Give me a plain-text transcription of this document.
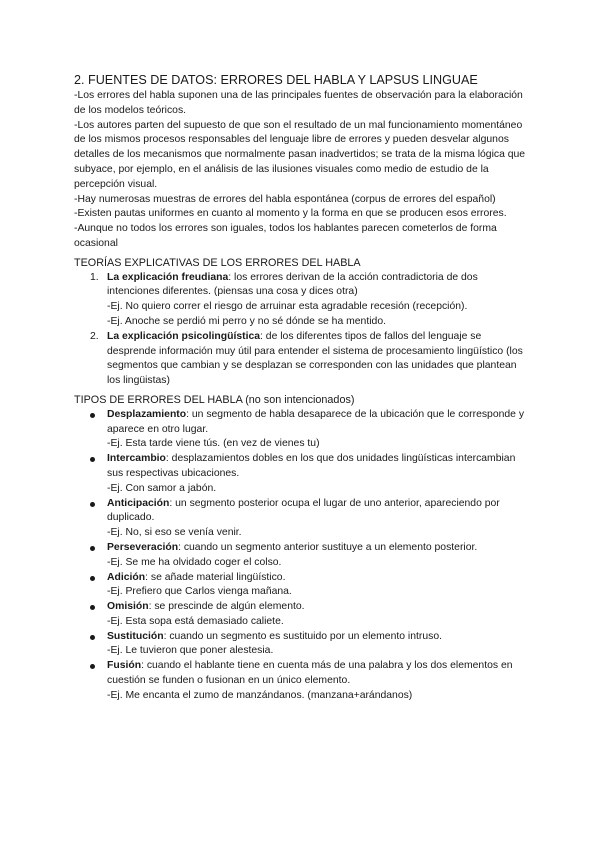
2. FUENTES DE DATOS: ERRORES DEL HABLA Y LAPSUS LINGUAE

-Los errores del habla suponen una de las principales fuentes de observación para la elaboración de los modelos teóricos.

-Los autores parten del supuesto de que son el resultado de un mal funcionamiento momentáneo de los mismos procesos responsables del lenguaje libre de errores y pueden desvelar algunos detalles de los mecanismos que normalmente pasan inadvertidos; se trata de la misma lógica que subyace, por ejemplo, en el análisis de las ilusiones visuales como medio de estudio de la percepción visual.

-Hay numerosas muestras de errores del habla espontánea (corpus de errores del español)

-Existen pautas uniformes en cuanto al momento y la forma en que se producen esos errores.

-Aunque no todos los errores son iguales, todos los hablantes parecen cometerlos de forma ocasional

TEORÍAS EXPLICATIVAS DE LOS ERRORES DEL HABLA

1. La explicación freudiana: los errores derivan de la acción contradictoria de dos intenciones diferentes. (piensas una cosa y dices otra)
-Ej. No quiero correr el riesgo de arruinar esta agradable recesión (recepción).
-Ej. Anoche se perdió mi perro y no sé dónde se ha mentido.
2. La explicación psicolingüística: de los diferentes tipos de fallos del lenguaje se desprende información muy útil para entender el sistema de procesamiento lingüístico (los segmentos que cambian y se desplazan se corresponden con las unidades que plantean los lingüistas)

TIPOS DE ERRORES DEL HABLA (no son intencionados)

Desplazamiento: un segmento de habla desaparece de la ubicación que le corresponde y aparece en otro lugar.
-Ej. Esta tarde viene tús. (en vez de vienes tu)
Intercambio: desplazamientos dobles en los que dos unidades lingüísticas intercambian sus respectivas ubicaciones.
-Ej. Con samor a jabón.
Anticipación: un segmento posterior ocupa el lugar de uno anterior, apareciendo por duplicado.
-Ej. No, si eso se venía venir.
Perseveración: cuando un segmento anterior sustituye a un elemento posterior.
-Ej. Se me ha olvidado coger el colso.
Adición: se añade material lingüístico.
-Ej. Prefiero que Carlos vienga mañana.
Omisión: se prescinde de algún elemento.
-Ej. Esta sopa está demasiado caliete.
Sustitución: cuando un segmento es sustituido por un elemento intruso.
-Ej. Le tuvieron que poner alestesia.
Fusión: cuando el hablante tiene en cuenta más de una palabra y los dos elementos en cuestión se funden o fusionan en un único elemento.
-Ej. Me encanta el zumo de manzándanos. (manzana+arándanos)
